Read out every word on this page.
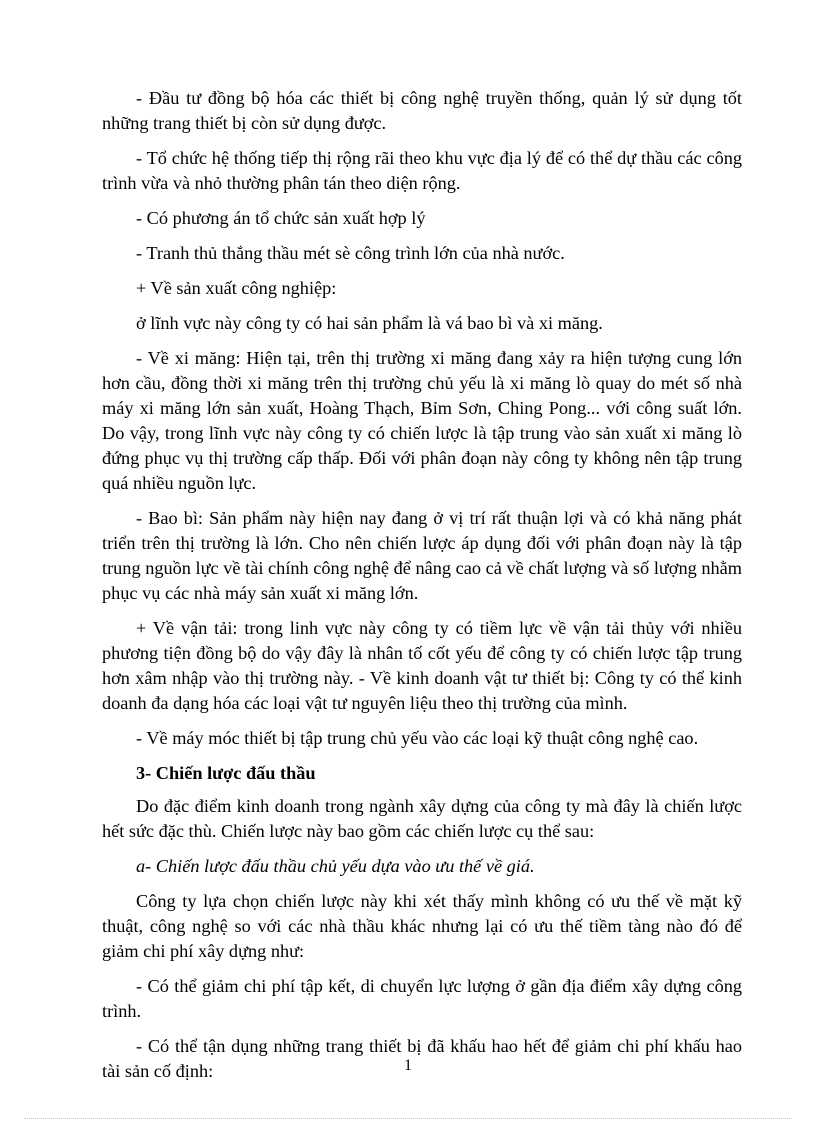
- Đầu tư đồng bộ hóa các thiết bị công nghệ truyền thống, quản lý sử dụng tốt những trang thiết bị còn sử dụng được.

- Tổ chức hệ thống tiếp thị rộng rãi theo khu vực địa lý để có thể dự thầu các công trình vừa và nhỏ thường phân tán theo diện rộng.

- Có phương án tổ chức sản xuất hợp lý

- Tranh thủ thắng thầu mét sè công trình lớn của nhà nước.

+ Về sản xuất công nghiệp:

ở lĩnh vực này công ty có hai sản phẩm là vá bao bì và xi măng.

- Về xi măng: Hiện tại, trên thị trường xi măng đang xảy ra hiện tượng cung lớn hơn cầu, đồng thời xi măng trên thị trường chủ yếu là xi măng lò quay do mét số nhà máy xi măng lớn sản xuất, Hoàng Thạch, Bỉm Sơn, Ching Pong... với công suất lớn. Do vậy, trong lĩnh vực này công ty có chiến lược là tập trung vào sản xuất xi măng lò đứng phục vụ thị trường cấp thấp. Đối với phân đoạn này công ty không nên tập trung quá nhiều nguồn lực.

- Bao bì: Sản phẩm này hiện nay đang ở vị trí rất thuận lợi và có khả năng phát triển trên thị trường là lớn. Cho nên chiến lược áp dụng đối với phân đoạn này là tập trung nguồn lực về tài chính công nghệ để nâng cao cả về chất lượng và số lượng nhằm phục vụ các nhà máy sản xuất xi măng lớn.

+ Về vận tải: trong linh vực này công ty có tiềm lực về vận tải thủy với nhiều phương tiện đồng bộ do vậy đây là nhân tố cốt yếu để công ty có chiến lược tập trung hơn xâm nhập vào thị trường này. - Về kinh doanh vật tư thiết bị: Công ty có thể kinh doanh đa dạng hóa các loại vật tư nguyên liệu theo thị trường của mình.

- Về máy móc thiết bị tập trung chủ yếu vào các loại kỹ thuật công nghệ cao.

3- Chiến lược đấu thầu

Do đặc điểm kinh doanh trong ngành xây dựng của công ty mà đây là chiến lược hết sức đặc thù. Chiến lược này bao gồm các chiến lược cụ thể sau:

a- Chiến lược đấu thầu chủ yếu dựa vào ưu thế về giá.

Công ty lựa chọn chiến lược này khi xét thấy mình không có ưu thế về mặt kỹ thuật, công nghệ so với các nhà thầu khác nhưng lại có ưu thế tiềm tàng nào đó để giảm chi phí xây dựng như:

- Có thể giảm chi phí tập kết, di chuyển lực lượng ở gần địa điểm xây dựng công trình.

- Có thể tận dụng những trang thiết bị đã khấu hao hết để giảm chi phí khấu hao tài sản cố định:	1
